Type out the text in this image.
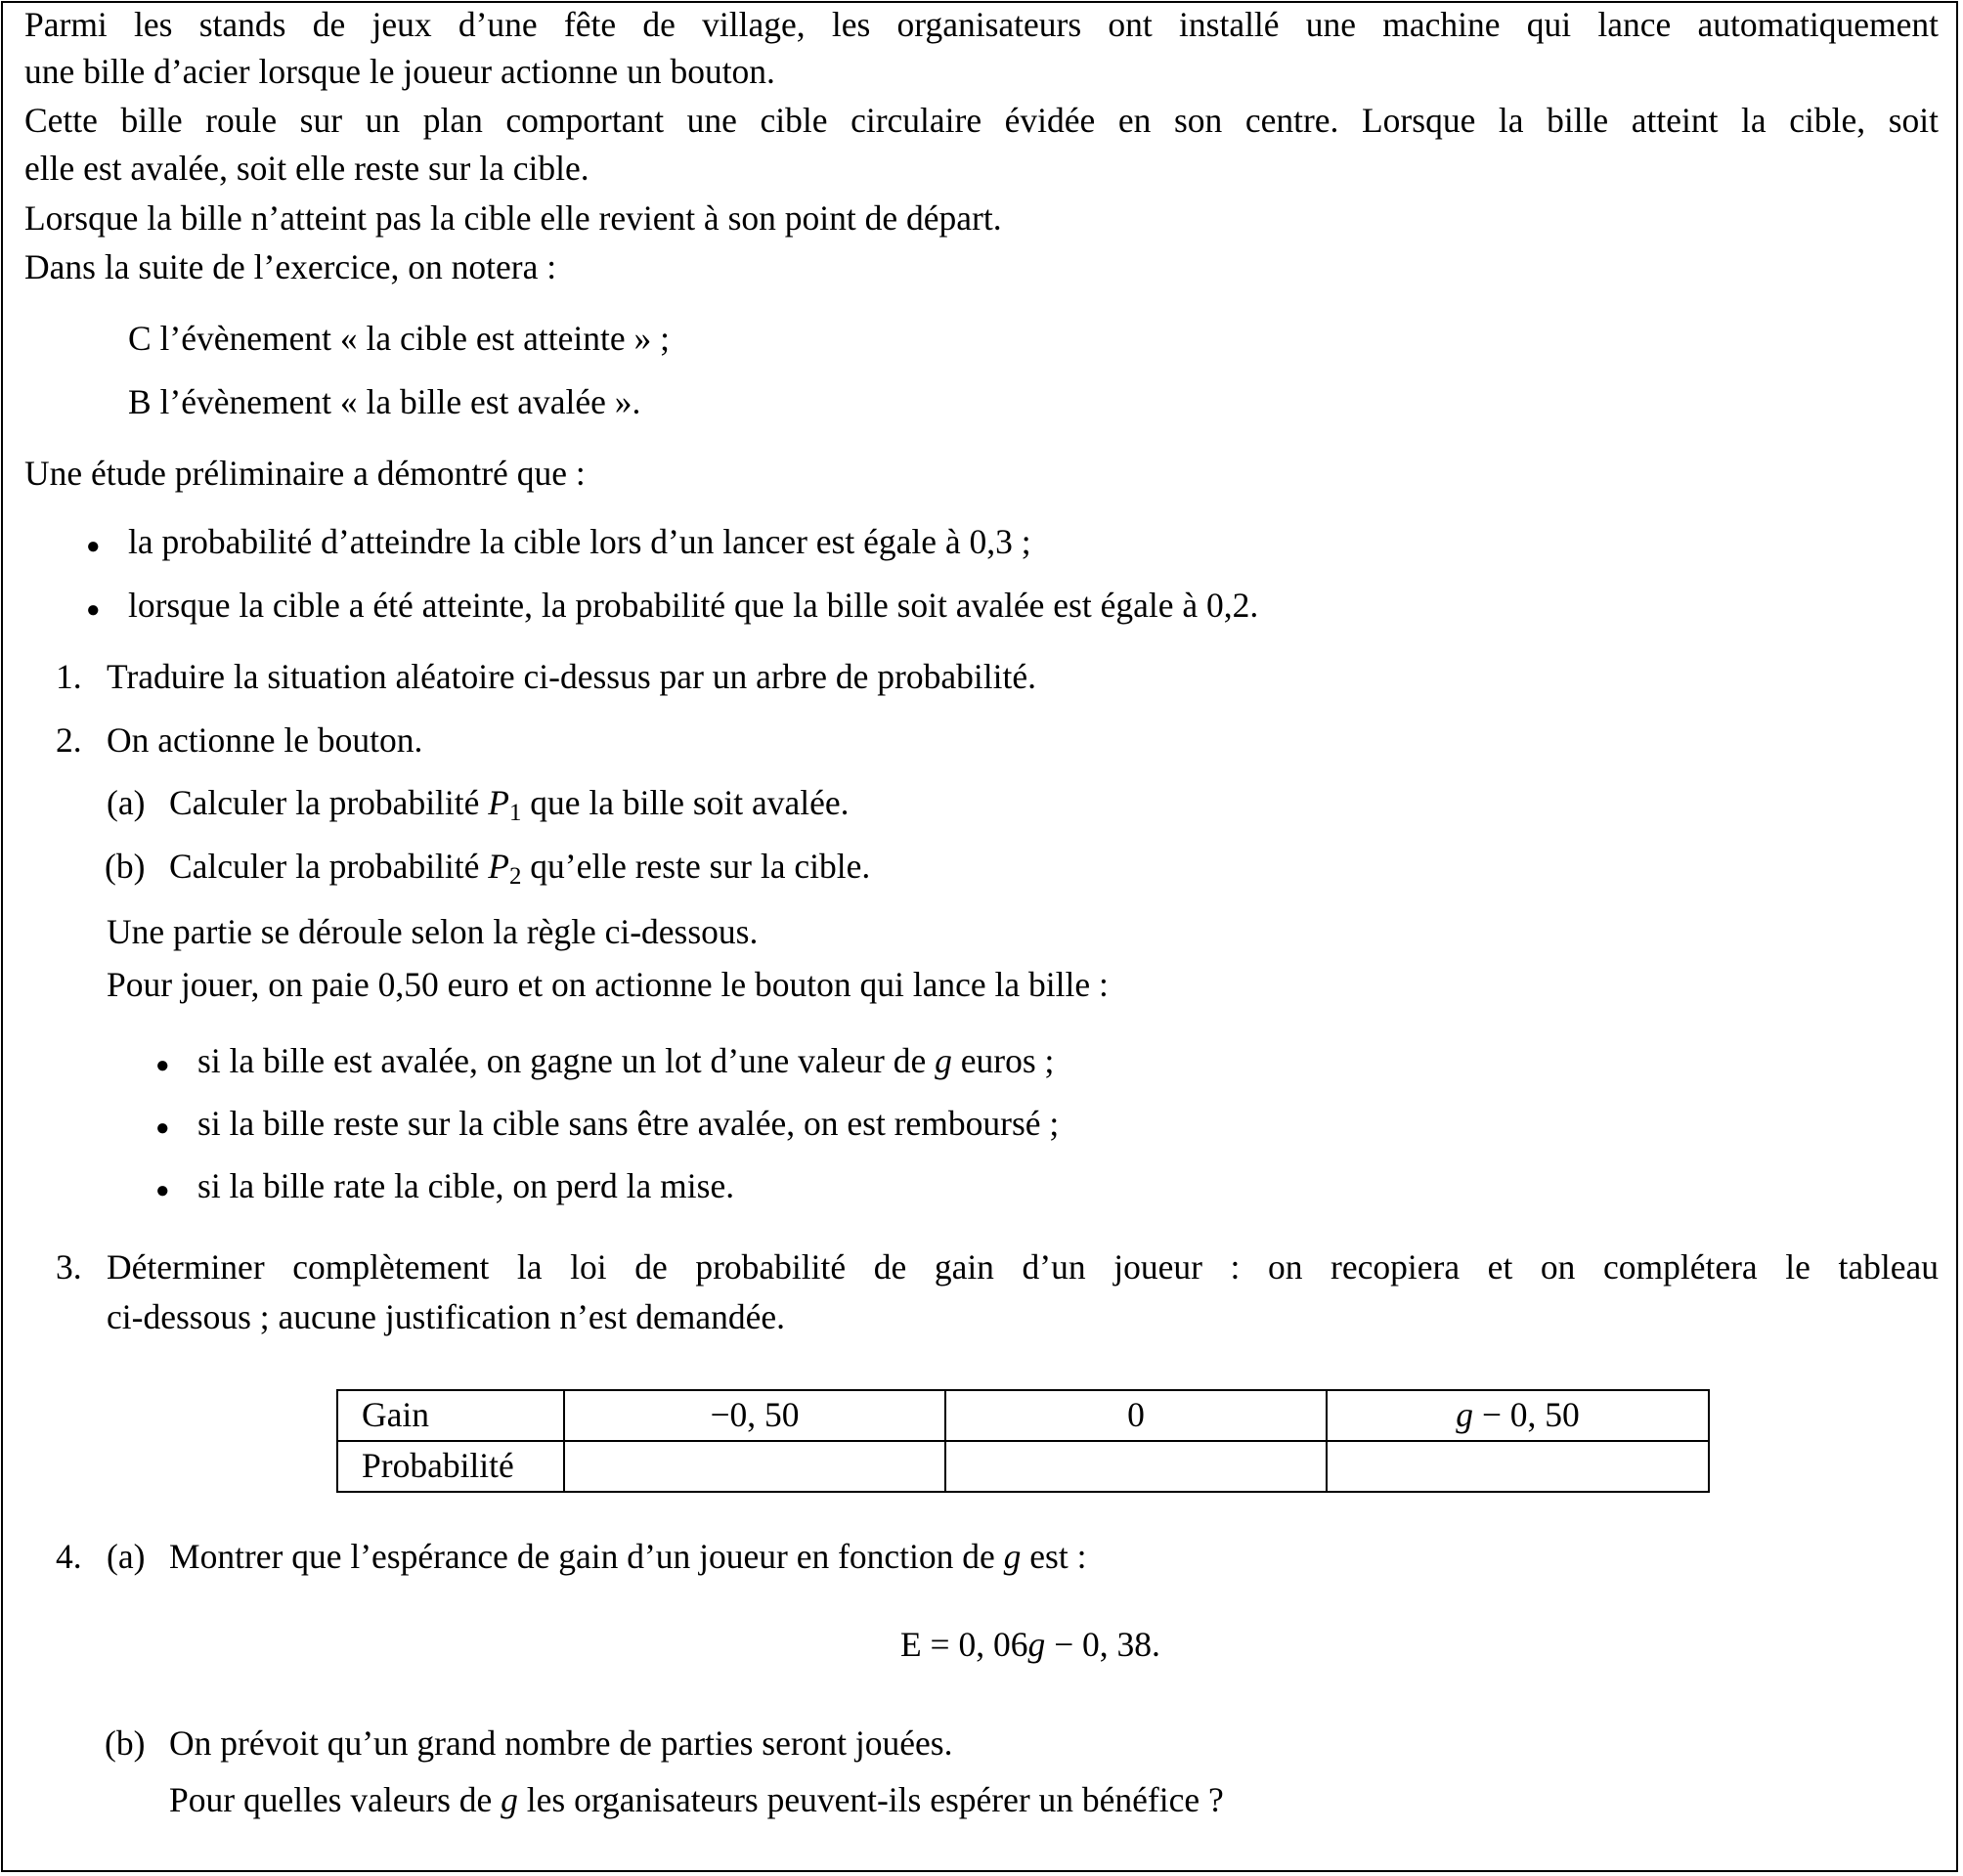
Parmi les stands de jeux d’une fête de village, les organisateurs ont installé une machine qui lance automatiquement
une bille d’acier lorsque le joueur actionne un bouton.
Cette bille roule sur un plan comportant une cible circulaire évidée en son centre. Lorsque la bille atteint la cible, soit
elle est avalée, soit elle reste sur la cible.
Lorsque la bille n’atteint pas la cible elle revient à son point de départ.
Dans la suite de l’exercice, on notera :
C l’évènement « la cible est atteinte » ;
B l’évènement « la bille est avalée ».
Une étude préliminaire a démontré que :
● la probabilité d’atteindre la cible lors d’un lancer est égale à 0,3 ;
● lorsque la cible a été atteinte, la probabilité que la bille soit avalée est égale à 0,2.
1. Traduire la situation aléatoire ci-dessus par un arbre de probabilité.
2. On actionne le bouton.
(a) Calculer la probabilité $P_1$ que la bille soit avalée.
(b) Calculer la probabilité $P_2$ qu’elle reste sur la cible.
Une partie se déroule selon la règle ci-dessous.
Pour jouer, on paie 0,50 euro et on actionne le bouton qui lance la bille :
● si la bille est avalée, on gagne un lot d’une valeur de g euros ;
● si la bille reste sur la cible sans être avalée, on est remboursé ;
● si la bille rate la cible, on perd la mise.
3. Déterminer complètement la loi de probabilité de gain d’un joueur : on recopiera et on complétera le tableau
ci-dessous ; aucune justification n’est demandée.
Gain	−0, 50	0	g − 0, 50
Probabilité			
4. (a) Montrer que l’espérance de gain d’un joueur en fonction de g est :
E = 0, 06g − 0, 38.
(b) On prévoit qu’un grand nombre de parties seront jouées.
Pour quelles valeurs de g les organisateurs peuvent-ils espérer un bénéfice ?
